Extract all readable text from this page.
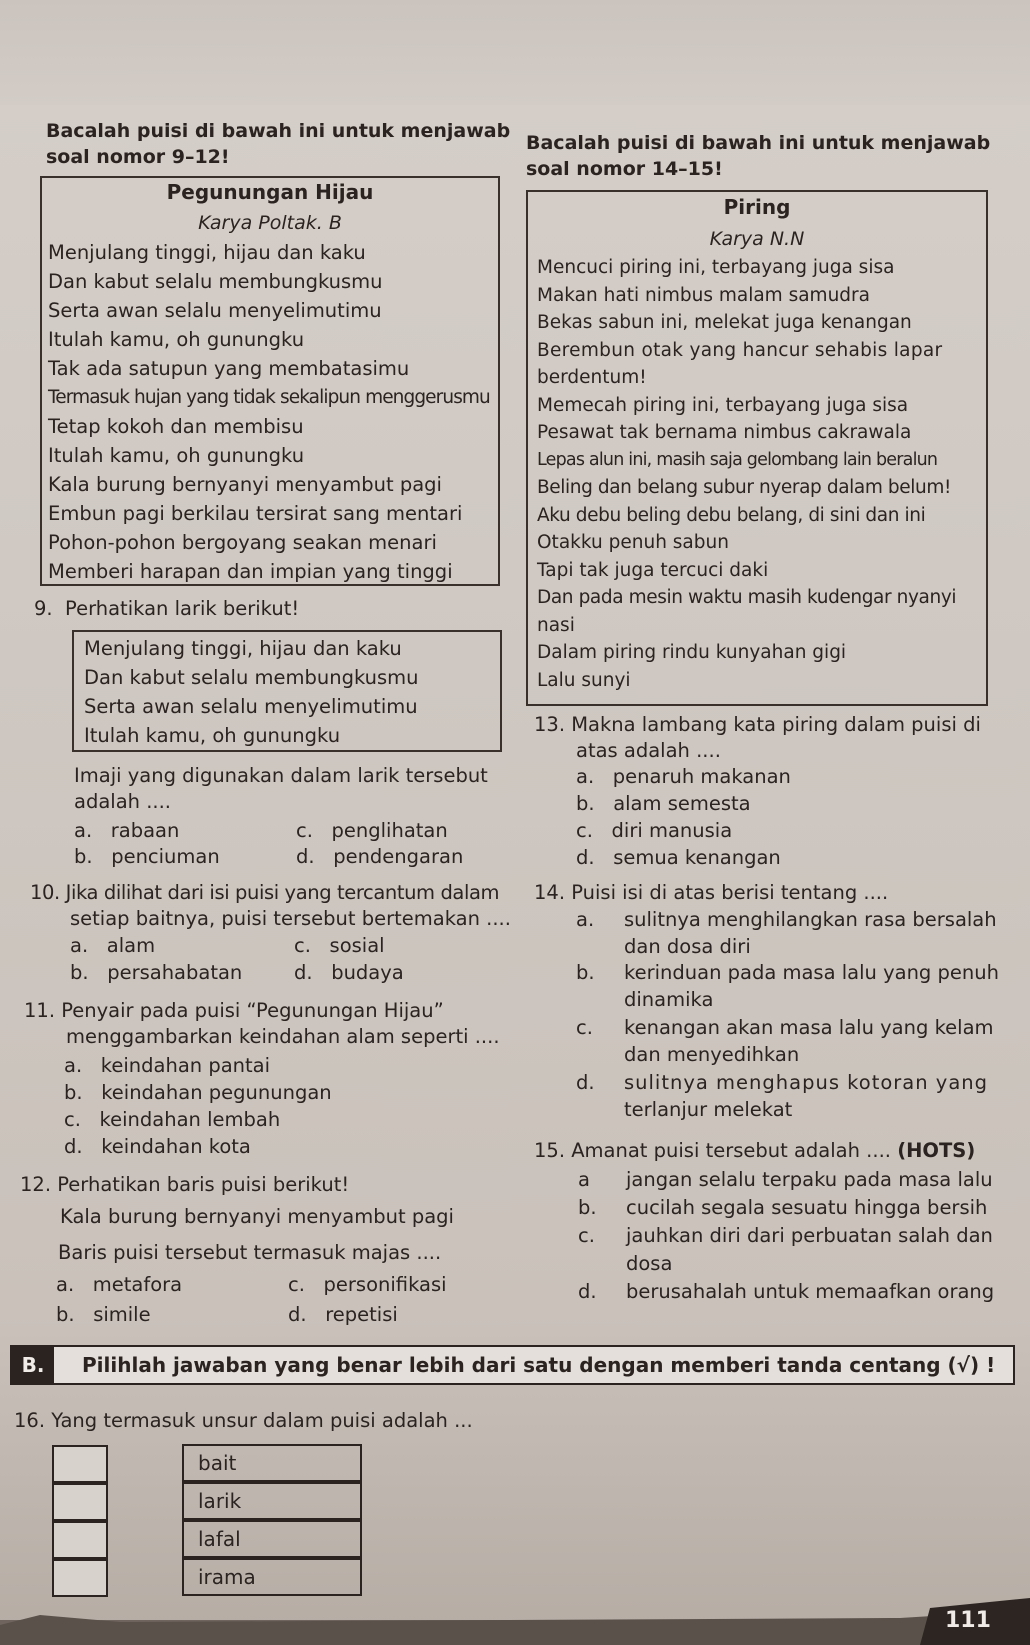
Bacalah puisi di bawah ini untuk menjawab
soal nomor 9–12!
Pegunungan Hijau
Karya Poltak. B
Menjulang tinggi, hijau dan kaku
Dan kabut selalu membungkusmu
Serta awan selalu menyelimutimu
Itulah kamu, oh gunungku
Tak ada satupun yang membatasimu
Termasuk hujan yang tidak sekalipun menggerusmu
Tetap kokoh dan membisu
Itulah kamu, oh gunungku
Kala burung bernyanyi menyambut pagi
Embun pagi berkilau tersirat sang mentari
Pohon-pohon bergoyang seakan menari
Memberi harapan dan impian yang tinggi
9. Perhatikan larik berikut!
Menjulang tinggi, hijau dan kaku
Dan kabut selalu membungkusmu
Serta awan selalu menyelimutimu
Itulah kamu, oh gunungku
Imaji yang digunakan dalam larik tersebut
adalah ....
a. rabaan	c. penglihatan
b. penciuman	d. pendengaran
10. Jika dilihat dari isi puisi yang tercantum dalam
setiap baitnya, puisi tersebut bertemakan ....
a. alam	c. sosial
b. persahabatan	d. budaya
11. Penyair pada puisi “Pegunungan Hijau”
menggambarkan keindahan alam seperti ....
a. keindahan pantai
b. keindahan pegunungan
c. keindahan lembah
d. keindahan kota
12. Perhatikan baris puisi berikut!
Kala burung bernyanyi menyambut pagi
Baris puisi tersebut termasuk majas ....
a. metafora	c. personifikasi
b. simile	d. repetisi
Bacalah puisi di bawah ini untuk menjawab
soal nomor 14–15!
Piring
Karya N.N
Mencuci piring ini, terbayang juga sisa
Makan hati nimbus malam samudra
Bekas sabun ini, melekat juga kenangan
Berembun otak yang hancur sehabis lapar
berdentum!
Memecah piring ini, terbayang juga sisa
Pesawat tak bernama nimbus cakrawala
Lepas alun ini, masih saja gelombang lain beralun
Beling dan belang subur nyerap dalam belum!
Aku debu beling debu belang, di sini dan ini
Otakku penuh sabun
Tapi tak juga tercuci daki
Dan pada mesin waktu masih kudengar nyanyi
nasi
Dalam piring rindu kunyahan gigi
Lalu sunyi
13. Makna lambang kata piring dalam puisi di
atas adalah ....
a. penaruh makanan
b. alam semesta
c. diri manusia
d. semua kenangan
14. Puisi isi di atas berisi tentang ....
a. sulitnya menghilangkan rasa bersalah
dan dosa diri
b. kerinduan pada masa lalu yang penuh
dinamika
c. kenangan akan masa lalu yang kelam
dan menyedihkan
d. sulitnya menghapus kotoran yang
terlanjur melekat
15. Amanat puisi tersebut adalah .... (HOTS)
a jangan selalu terpaku pada masa lalu
b. cucilah segala sesuatu hingga bersih
c. jauhkan diri dari perbuatan salah dan
dosa
d. berusahalah untuk memaafkan orang
B.	Pilihlah jawaban yang benar lebih dari satu dengan memberi tanda centang (√) !
16. Yang termasuk unsur dalam puisi adalah ...
bait
larik
lafal
irama
111
